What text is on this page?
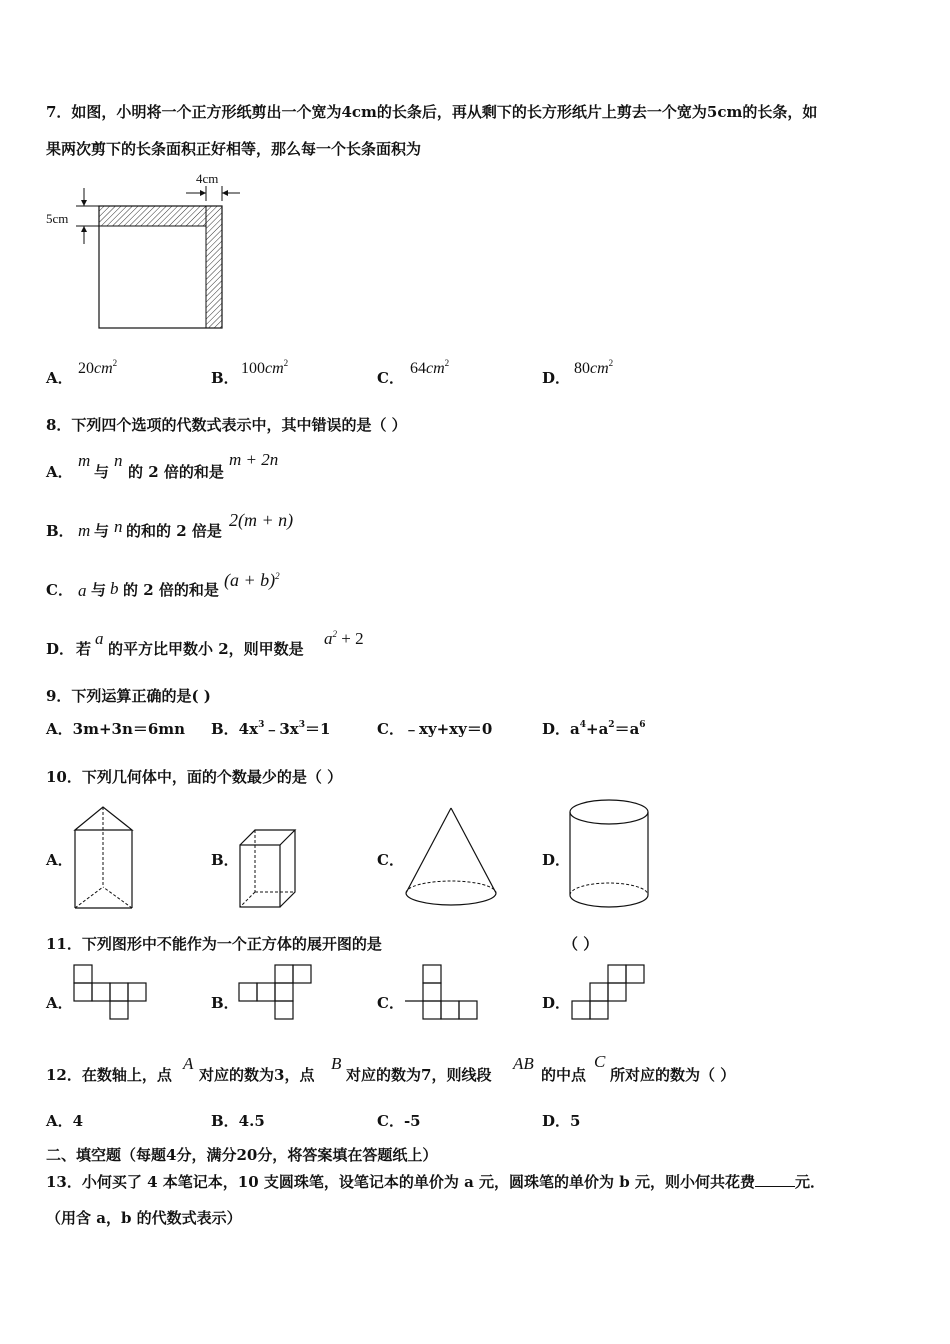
7．如图，小明将一个正方形纸剪出一个宽为4cm的长条后，再从剩下的长方形纸片上剪去一个宽为5cm的长条，如
果两次剪下的长条面积正好相等，那么每一个长条面积为
4cm
5cm
A．
$20cm^2$
B．
$100cm^2$
C．
$64cm^2$
D．
$80cm^2$
8．下列四个选项的代数式表示中，其中错误的是（ ）
A．
m
与
n
的 2 倍的和是
m + 2n
B． m 与 n 的和的 2 倍是
2(m + n)
C． a 与 b 的 2 倍的和是 $(a + b)^2$
D． 若
a
的平方比甲数小 2，则甲数是
$a^2 + 2$
9．下列运算正确的是( )
A．3m+3n＝6mn B．$4x^3﹣3x^3=1$	C．﹣xy+xy＝0	D．$a^4+a^2=a^6$
10．下列几何体中，面的个数最少的是（ ）
A．	B．	C．	D．
11．下列图形中不能作为一个正方体的展开图的是	（ ）
A．	B．	C．	D．
12．在数轴上，点
A
对应的数为3，点
B
对应的数为7，则线段
AB
的中点
C
所对应的数为（ ）
A．4	B．4.5	C．-5	D．5
二、填空题（每题4分，满分20分，将答案填在答题纸上）
13．小何买了 4 本笔记本，10 支圆珠笔，设笔记本的单价为 a 元，圆珠笔的单价为 b 元，则小何共花费	元．
（用含 a，b 的代数式表示）
